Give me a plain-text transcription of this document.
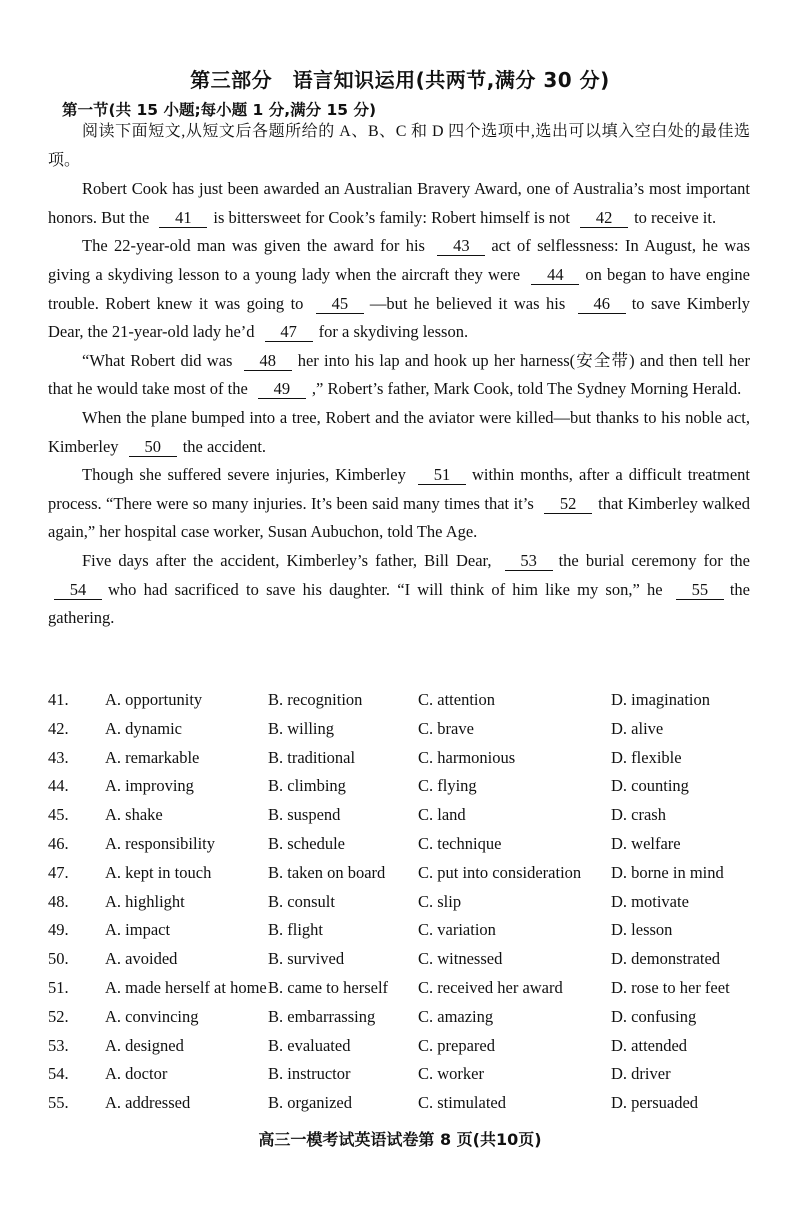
第三部分　语言知识运用(共两节,满分 30 分)
第一节(共 15 小题;每小题 1 分,满分 15 分)

阅读下面短文,从短文后各题所给的 A、B、C 和 D 四个选项中,选出可以填入空白处的最佳选项。

Robert Cook has just been awarded an Australian Bravery Award, one of Australia’s most important honors. But the 41 is bittersweet for Cook’s family: Robert himself is not 42 to receive it.

The 22-year-old man was given the award for his 43 act of selflessness: In August, he was giving a skydiving lesson to a young lady when the aircraft they were 44 on began to have engine trouble. Robert knew it was going to 45 —but he believed it was his 46 to save Kimberly Dear, the 21-year-old lady he’d 47 for a skydiving lesson.

“What Robert did was 48 her into his lap and hook up her harness(安全带) and then tell her that he would take most of the 49 ,” Robert’s father, Mark Cook, told The Sydney Morning Herald.

When the plane bumped into a tree, Robert and the aviator were killed—but thanks to his noble act, Kimberley 50 the accident.

Though she suffered severe injuries, Kimberley 51 within months, after a difficult treatment process. “There were so many injuries. It’s been said many times that it’s 52 that Kimberley walked again,” her hospital case worker, Susan Aubuchon, told The Age.

Five days after the accident, Kimberley’s father, Bill Dear, 53 the burial ceremony for the 54 who had sacrificed to save his daughter. “I will think of him like my son,” he 55 the gathering.

41. A. opportunity	B. recognition	C. attention	D. imagination
42. A. dynamic	B. willing	C. brave	D. alive
43. A. remarkable	B. traditional	C. harmonious	D. flexible
44. A. improving	B. climbing	C. flying	D. counting
45. A. shake	B. suspend	C. land	D. crash
46. A. responsibility	B. schedule	C. technique	D. welfare
47. A. kept in touch	B. taken on board C. put into consideration D. borne in mind
48. A. highlight	B. consult	C. slip	D. motivate
49. A. impact	B. flight	C. variation	D. lesson
50. A. avoided	B. survived	C. witnessed	D. demonstrated
51. A. made herself at home B. came to herself C. received her award	D. rose to her feet
52. A. convincing	B. embarrassing	C. amazing	D. confusing
53. A. designed	B. evaluated	C. prepared	D. attended
54. A. doctor	B. instructor	C. worker	D. driver
55. A. addressed	B. organized	C. stimulated	D. persuaded
高三一模考试英语试卷第 8 页(共10页)
